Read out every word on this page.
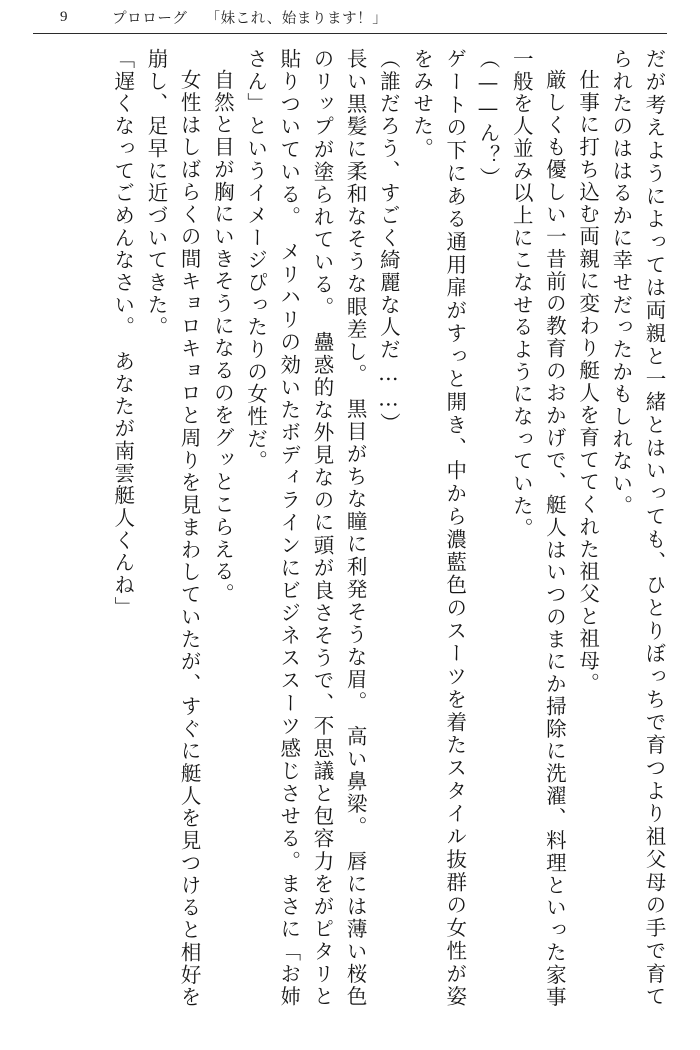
9	プロローグ 「妹これ、始まります！」

だが考えようによっては両親と一緒とはいっても、ひとりぼっちで育つより祖父母の手で育てられたのははるかに幸せだったかもしれない。

仕事に打ち込む両親に変わり艇人を育ててくれた祖父と祖母。

厳しくも優しい一昔前の教育のおかげで、艇人はいつのまにか掃除に洗濯、料理といった家事一般を人並み以上にこなせるようになっていた。

（——ん？）

ゲートの下にある通用扉がすっと開き、中から濃藍色のスーツを着たスタイル抜群の女性が姿をみせた。

（誰だろう、すごく綺麗な人だ……）

長い黒髪に柔和なそうな眼差し。　黒目がちな瞳に利発そうな眉。　高い鼻梁。　唇には薄い桜色のリップが塗られている。　蠱惑的な外見なのに頭が良さそうで、不思議と包容力をがピタリと貼りついている。　メリハリの効いたボディラインにビジネススーツ感じさせる。まさに「お姉さん」というイメージぴったりの女性だ。

自然と目が胸にいきそうになるのをグッとこらえる。

女性はしばらくの間キョロキョロと周りを見まわしていたが、すぐに艇人を見つけると相好を崩し、足早に近づいてきた。

「遅くなってごめんなさい。　あなたが南雲艇人くんね」
